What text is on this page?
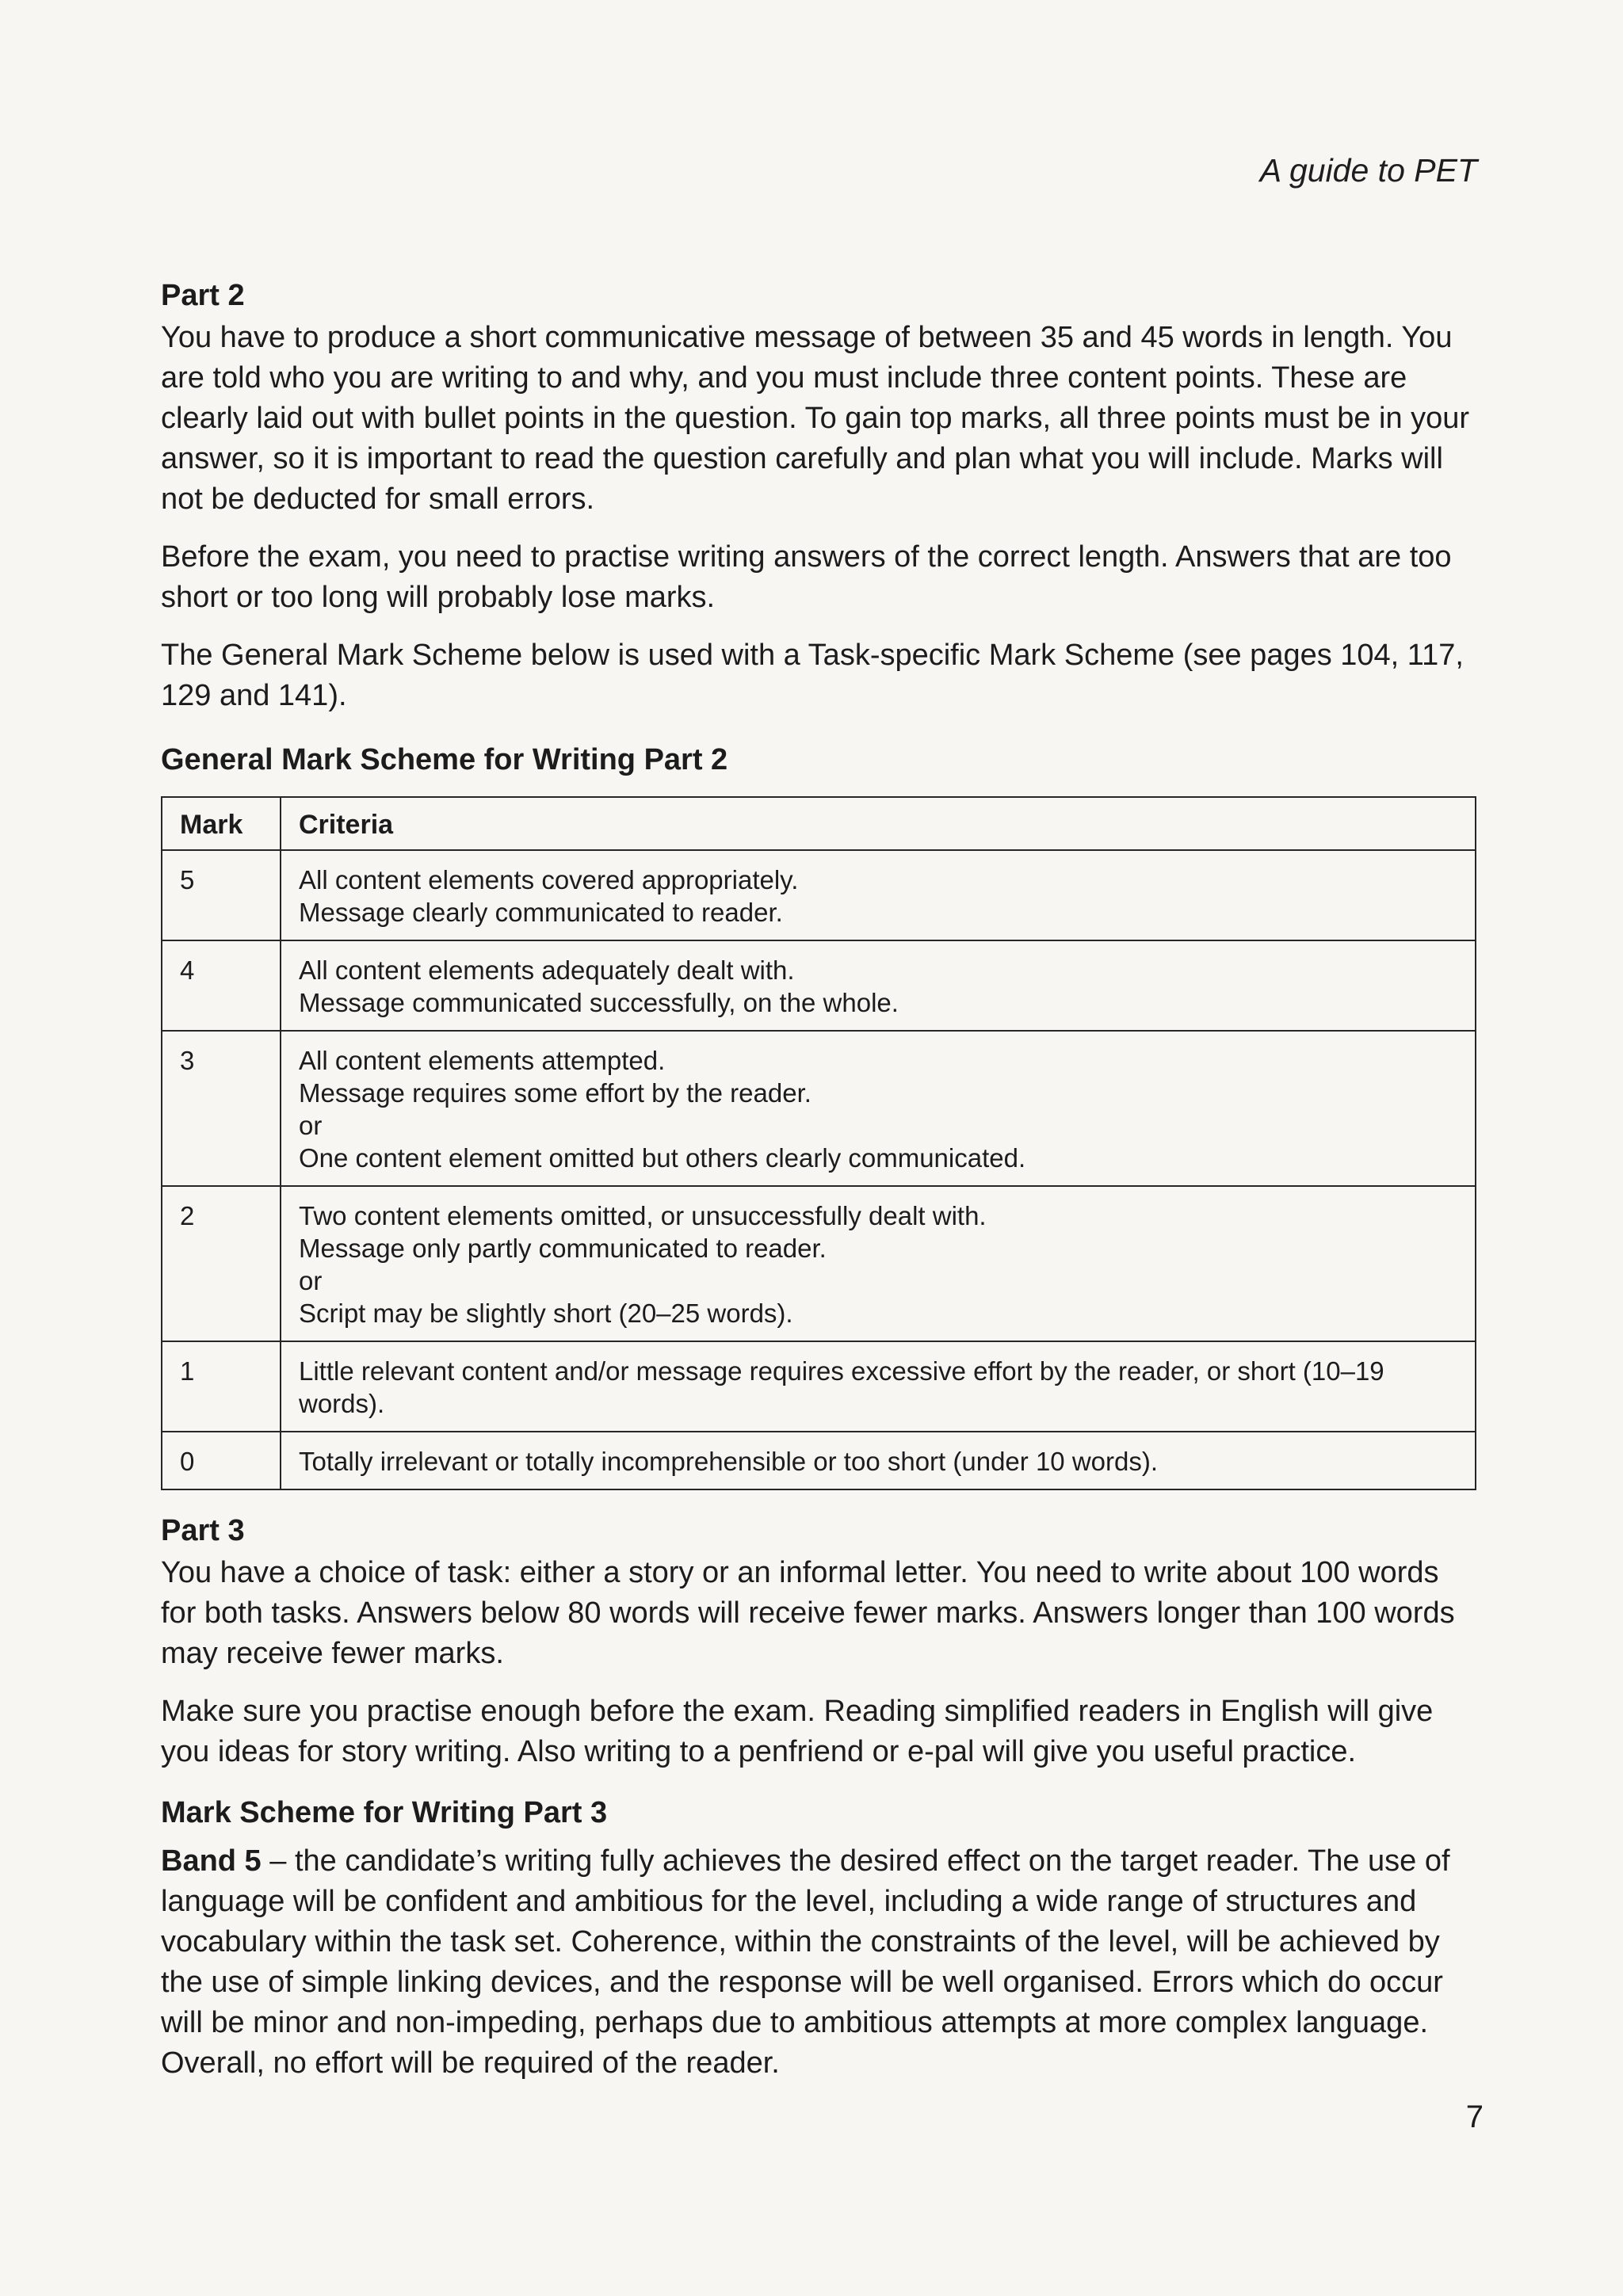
A guide to PET
Part 2

You have to produce a short communicative message of between 35 and 45 words in length. You are told who you are writing to and why, and you must include three content points. These are clearly laid out with bullet points in the question. To gain top marks, all three points must be in your answer, so it is important to read the question carefully and plan what you will include. Marks will not be deducted for small errors.

Before the exam, you need to practise writing answers of the correct length. Answers that are too short or too long will probably lose marks.

The General Mark Scheme below is used with a Task-specific Mark Scheme (see pages 104, 117, 129 and 141).

General Mark Scheme for Writing Part 2
Mark	Criteria
5	All content elements covered appropriately.
Message clearly communicated to reader.

4	All content elements adequately dealt with.
Message communicated successfully, on the whole.

3	All content elements attempted.
Message requires some effort by the reader.
or
One content element omitted but others clearly communicated.

2	Two content elements omitted, or unsuccessfully dealt with.
Message only partly communicated to reader.
or
Script may be slightly short (20–25 words).

1	Little relevant content and/or message requires excessive effort by the reader, or short (10–19 words).

0	Totally irrelevant or totally incomprehensible or too short (under 10 words).
Part 3

You have a choice of task: either a story or an informal letter. You need to write about 100 words for both tasks. Answers below 80 words will receive fewer marks. Answers longer than 100 words may receive fewer marks.

Make sure you practise enough before the exam. Reading simplified readers in English will give you ideas for story writing. Also writing to a penfriend or e-pal will give you useful practice.

Mark Scheme for Writing Part 3

Band 5 – the candidate’s writing fully achieves the desired effect on the target reader. The use of language will be confident and ambitious for the level, including a wide range of structures and vocabulary within the task set. Coherence, within the constraints of the level, will be achieved by the use of simple linking devices, and the response will be well organised. Errors which do occur will be minor and non-impeding, perhaps due to ambitious attempts at more complex language. Overall, no effort will be required of the reader.

7
